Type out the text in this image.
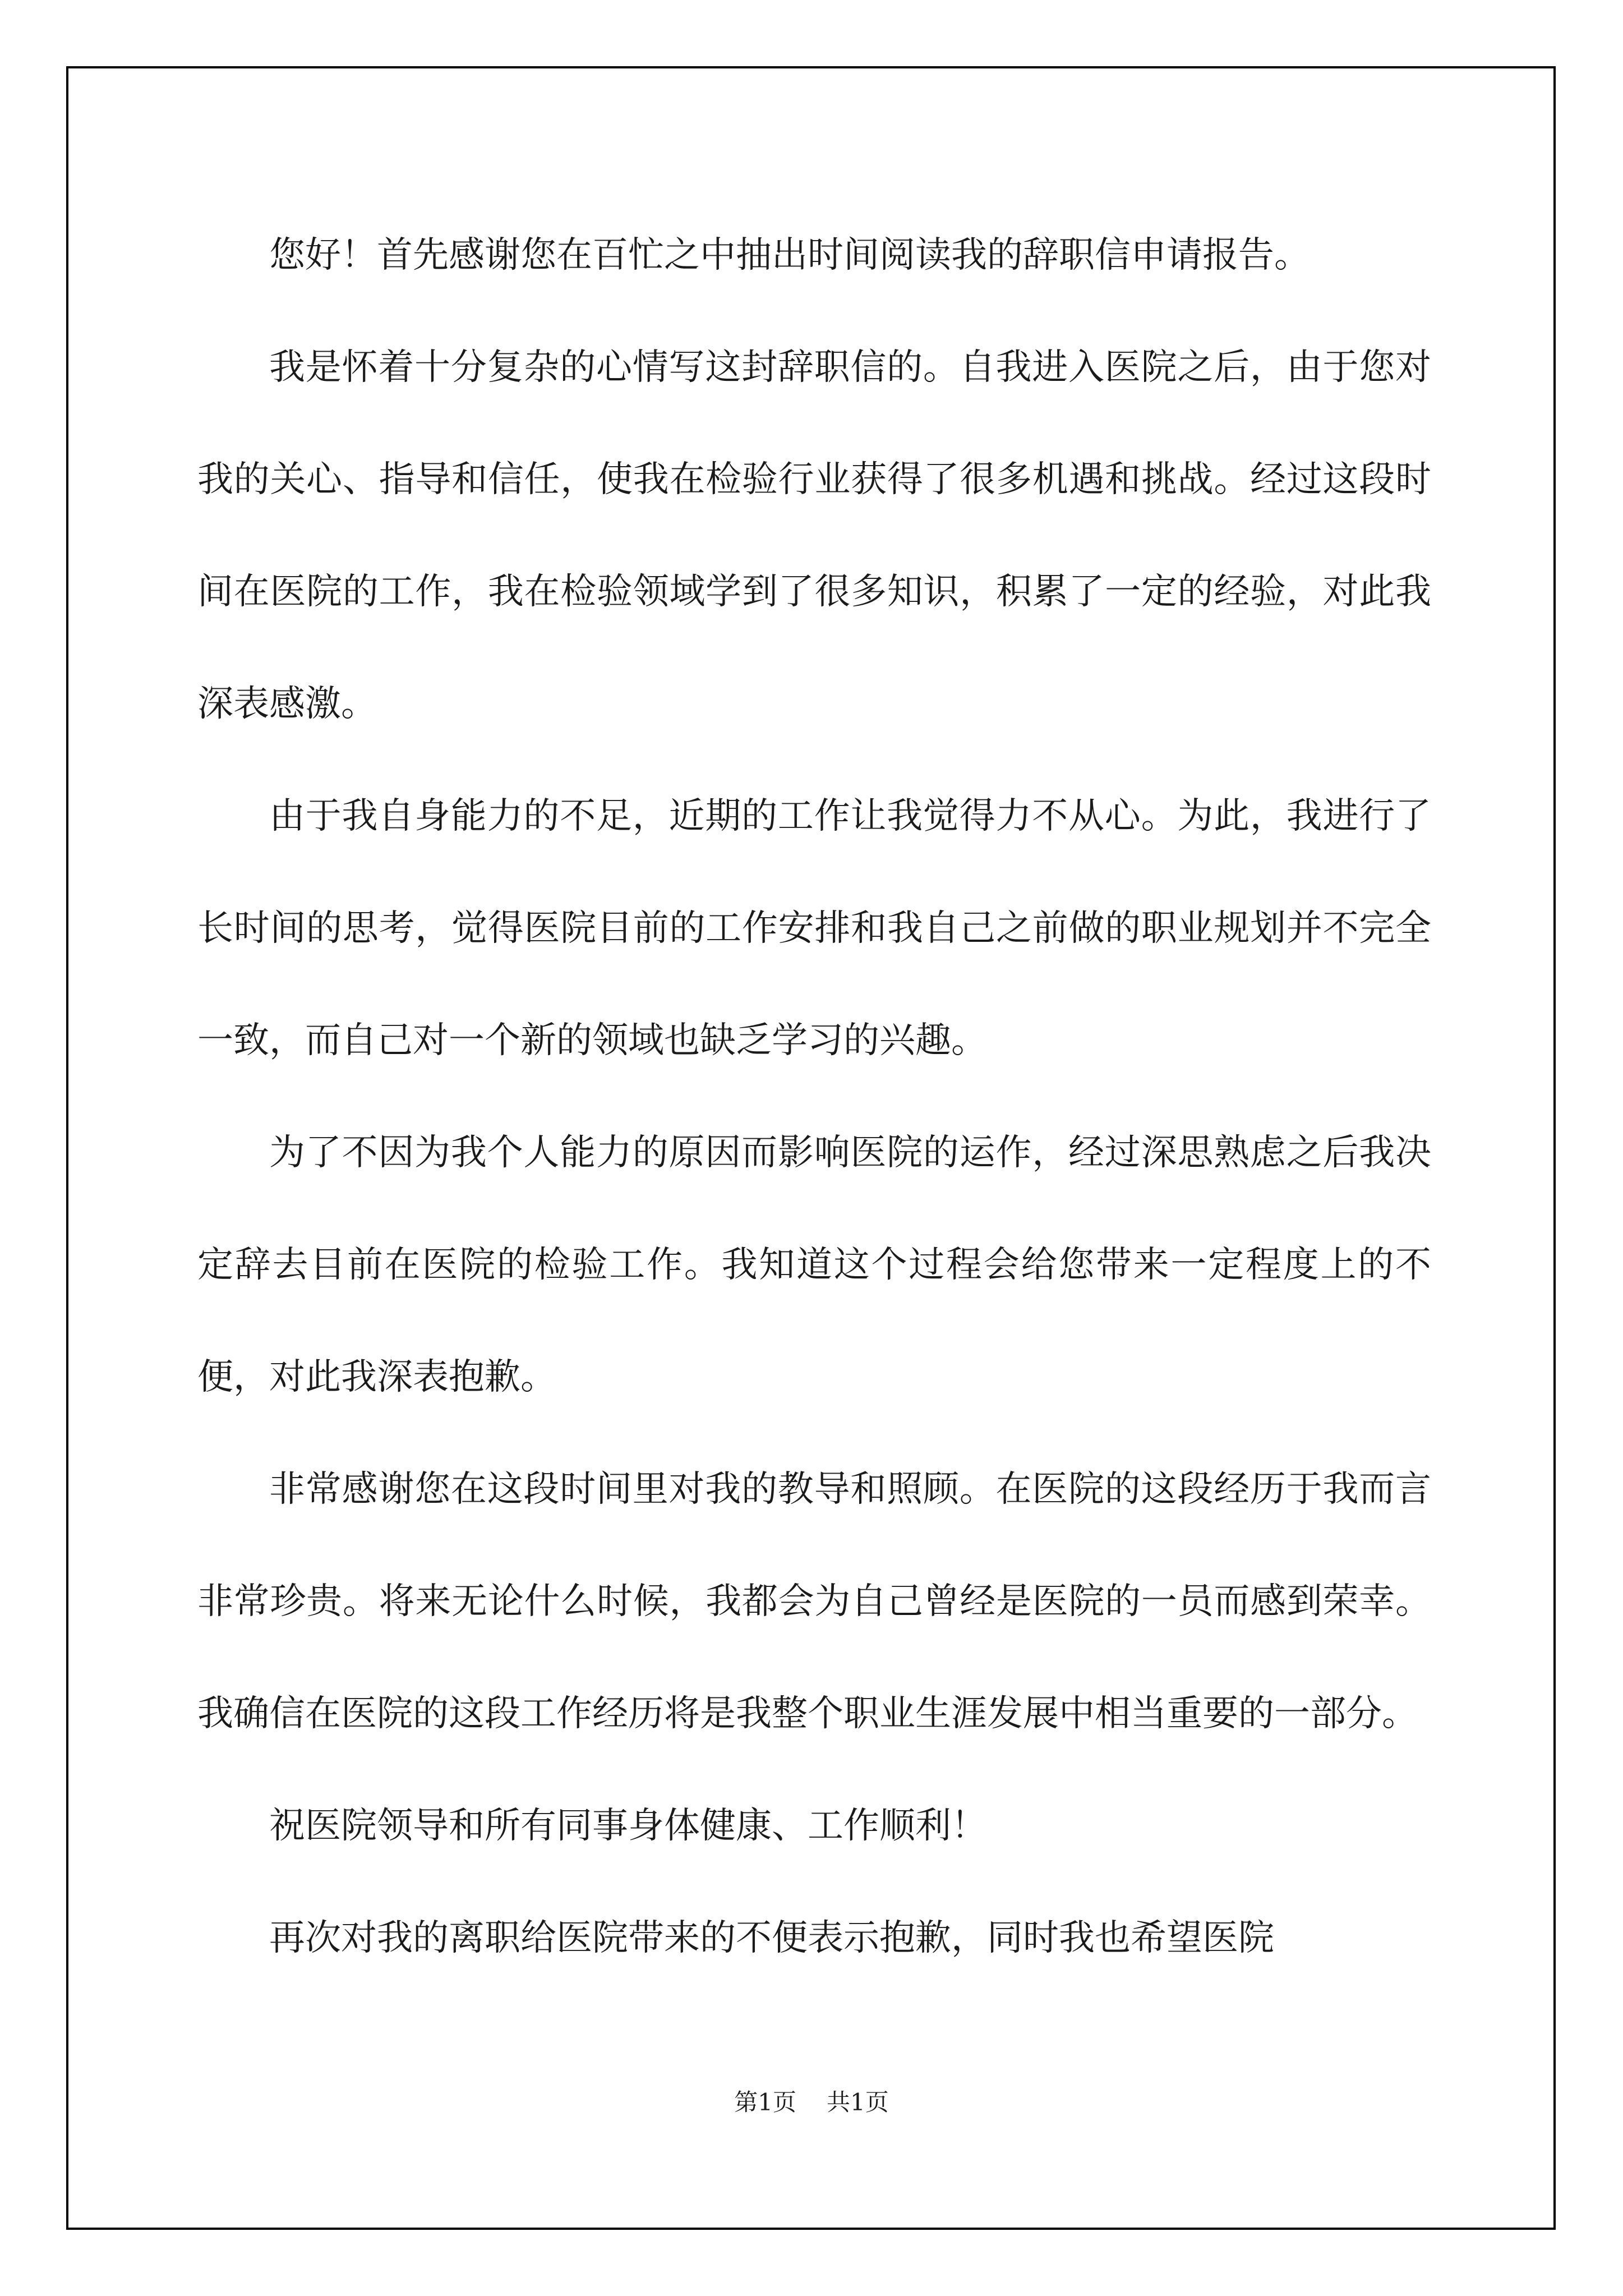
您好！首先感谢您在百忙之中抽出时间阅读我的辞职信申请报告。

我是怀着十分复杂的心情写这封辞职信的。自我进入医院之后，由于您对我的关心、指导和信任，使我在检验行业获得了很多机遇和挑战。经过这段时间在医院的工作，我在检验领域学到了很多知识，积累了一定的经验，对此我深表感激。

由于我自身能力的不足，近期的工作让我觉得力不从心。为此，我进行了长时间的思考，觉得医院目前的工作安排和我自己之前做的职业规划并不完全一致，而自己对一个新的领域也缺乏学习的兴趣。

为了不因为我个人能力的原因而影响医院的运作，经过深思熟虑之后我决定辞去目前在医院的检验工作。我知道这个过程会给您带来一定程度上的不便，对此我深表抱歉。

非常感谢您在这段时间里对我的教导和照顾。在医院的这段经历于我而言非常珍贵。将来无论什么时候，我都会为自己曾经是医院的一员而感到荣幸。我确信在医院的这段工作经历将是我整个职业生涯发展中相当重要的一部分。

祝医院领导和所有同事身体健康、工作顺利！

再次对我的离职给医院带来的不便表示抱歉，同时我也希望医院

第1页 共1页
